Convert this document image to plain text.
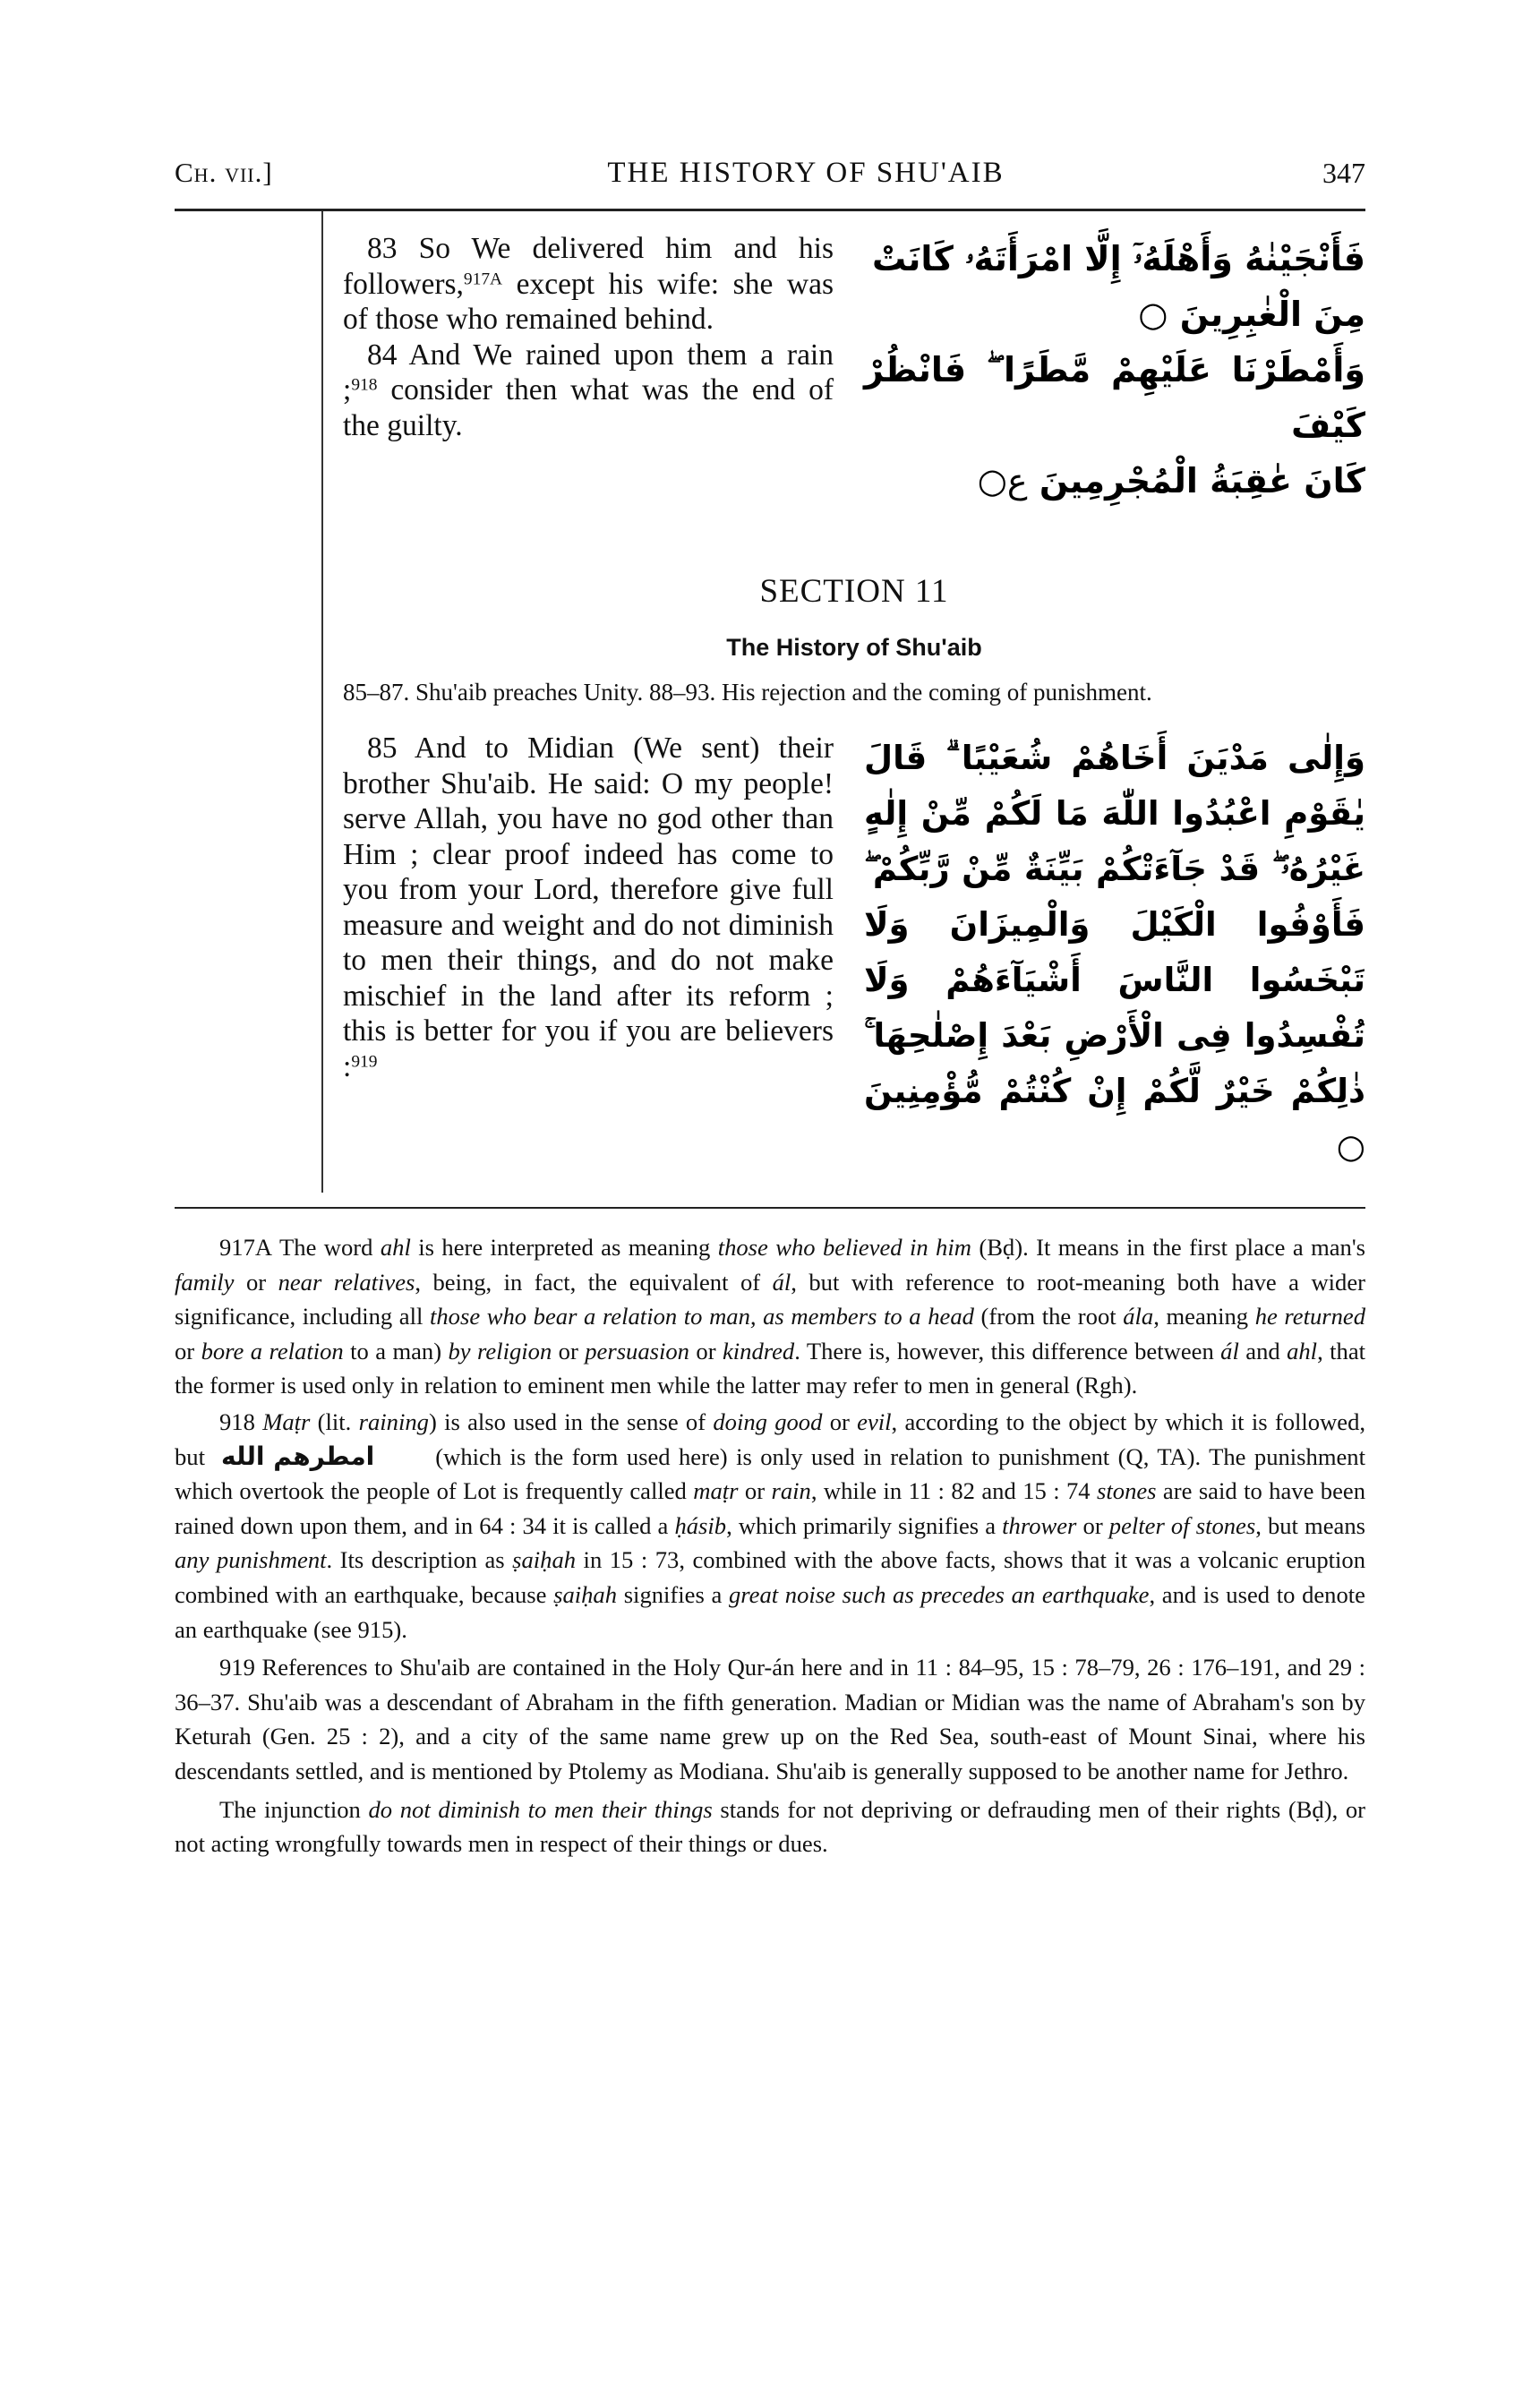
Ch. vii.]	THE HISTORY OF SHU'AIB	347

83 So We delivered him and his followers,$^{917A}$ except his wife: she was of those who remained behind.

84 And We rained upon them a rain ;$^{918}$ consider then what was the end of the guilty.

فَأَنْجَيْنٰهُ وَأَهْلَهُۥٓ إِلَّا امْرَأَتَهُۥ كَانَتْ
مِنَ الْغٰبِرِينَ ○
وَأَمْطَرْنَا عَلَيْهِمْ مَّطَرًا ۖ فَانْظُرْ كَيْفَ
كَانَ عٰقِبَةُ الْمُجْرِمِينَ ع○
SECTION 11
The History of Shu'aib
85–87. Shu'aib preaches Unity. 88–93. His rejection and the coming of punishment.

85 And to Midian (We sent) their brother Shu'aib. He said: O my people! serve Allah, you have no god other than Him ; clear proof indeed has come to you from your Lord, therefore give full measure and weight and do not diminish to men their things, and do not make mischief in the land after its reform ; this is better for you if you are believers :$^{919}$

وَإِلٰى مَدْيَنَ أَخَاهُمْ شُعَيْبًا ۗ قَالَ يٰقَوْمِ اعْبُدُوا اللّٰهَ مَا لَكُمْ مِّنْ إِلٰهٍ غَيْرُهُۥ ۖ قَدْ جَآءَتْكُمْ بَيِّنَةٌ مِّنْ رَّبِّكُمْ ۖ فَأَوْفُوا الْكَيْلَ وَالْمِيزَانَ وَلَا تَبْخَسُوا النَّاسَ أَشْيَآءَهُمْ وَلَا تُفْسِدُوا فِى الْأَرْضِ بَعْدَ إِصْلٰحِهَا ۚ ذٰلِكُمْ خَيْرٌ لَّكُمْ إِنْ كُنْتُمْ مُّؤْمِنِينَ ○

917A The word ahl is here interpreted as meaning those who believed in him (Bḍ). It means in the first place a man's family or near relatives, being, in fact, the equivalent of ál, but with reference to root-meaning both have a wider significance, including all those who bear a relation to man, as members to a head (from the root ála, meaning he returned or bore a relation to a man) by religion or persuasion or kindred. There is, however, this difference between ál and ahl, that the former is used only in relation to eminent men while the latter may refer to men in general (Rgh).

918 Maṭr (lit. raining) is also used in the sense of doing good or evil, according to the object by which it is followed, but امطرهم الله	(which is the form used here) is only used in relation to punishment (Q, TA). The punishment which overtook the people of Lot is frequently called maṭr or rain, while in 11 : 82 and 15 : 74 stones are said to have been rained down upon them, and in 64 : 34 it is called a ḥásib, which primarily signifies a thrower or pelter of stones, but means any punishment. Its description as ṣaiḥah in 15 : 73, combined with the above facts, shows that it was a volcanic eruption combined with an earthquake, because ṣaiḥah signifies a great noise such as precedes an earthquake, and is used to denote an earthquake (see 915).

919 References to Shu'aib are contained in the Holy Qur-án here and in 11 : 84–95, 15 : 78–79, 26 : 176–191, and 29 : 36–37. Shu'aib was a descendant of Abraham in the fifth generation. Madian or Midian was the name of Abraham's son by Keturah (Gen. 25 : 2), and a city of the same name grew up on the Red Sea, south-east of Mount Sinai, where his descendants settled, and is mentioned by Ptolemy as Modiana. Shu'aib is generally supposed to be another name for Jethro.

The injunction do not diminish to men their things stands for not depriving or defrauding men of their rights (Bḍ), or not acting wrongfully towards men in respect of their things or dues.
